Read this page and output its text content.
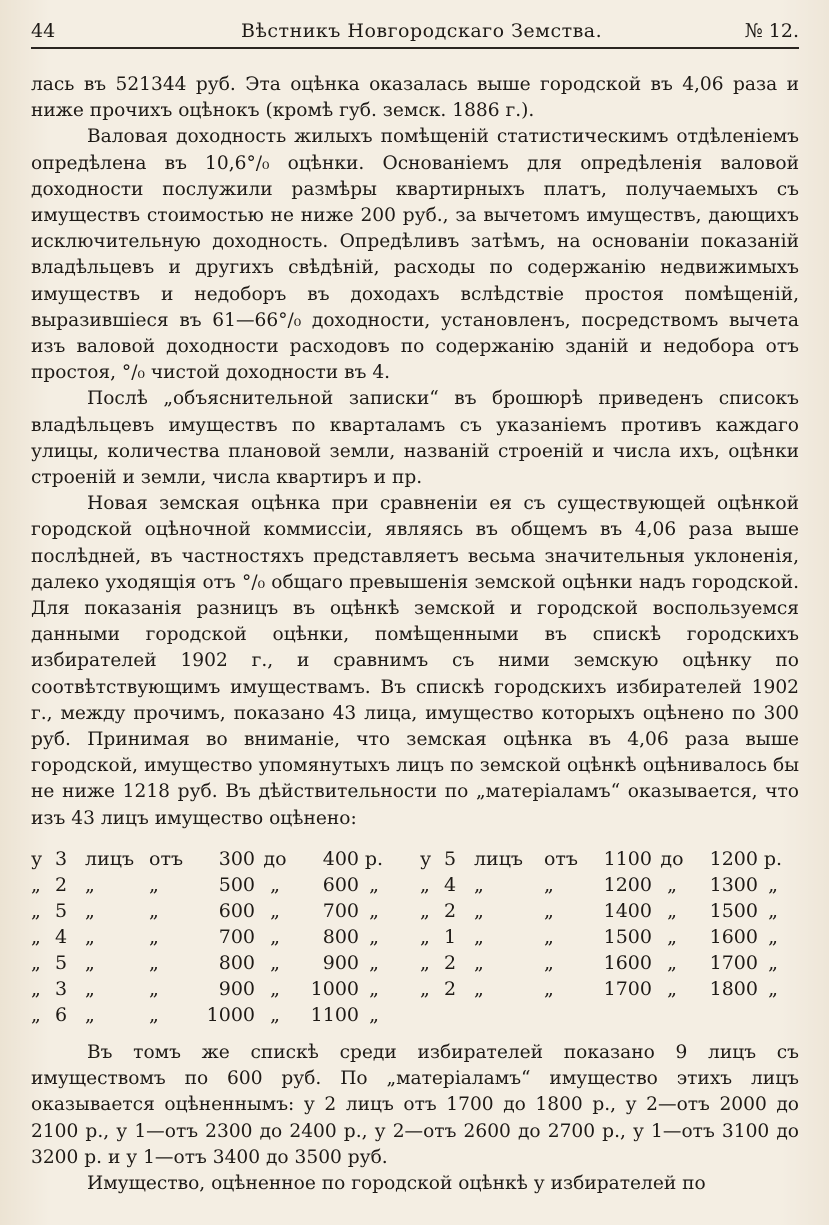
44	Вѣстникъ Новгородскаго Земства.	№ 12.

лась въ 521344 руб. Эта оцѣнка оказалась выше городской въ 4,06 раза и ниже прочихъ оцѣнокъ (кромѣ губ. земск. 1886 г.).

Валовая доходность жилыхъ помѣщеній статистическимъ отдѣленіемъ опредѣлена въ 10,6°/₀ оцѣнки. Основаніемъ для опредѣленія валовой доходности послужили размѣры квартирныхъ платъ, получаемыхъ съ имуществъ стоимостью не ниже 200 руб., за вычетомъ имуществъ, дающихъ исключительную доходность. Опредѣливъ затѣмъ, на основаніи показаній владѣльцевъ и другихъ свѣдѣній, расходы по содержанію недвижимыхъ имуществъ и недоборъ въ доходахъ вслѣдствіе простоя помѣщеній, выразившіеся въ 61—66°/₀ доходности, установленъ, посредствомъ вычета изъ валовой доходности расходовъ по содержанію зданій и недобора отъ простоя, °/₀ чистой доходности въ 4.

Послѣ „объяснительной записки“ въ брошюрѣ приведенъ списокъ владѣльцевъ имуществъ по кварталамъ съ указаніемъ противъ каждаго улицы, количества плановой земли, названій строеній и числа ихъ, оцѣнки строеній и земли, числа квартиръ и пр.

Новая земская оцѣнка при сравненіи ея съ существующей оцѣнкой городской оцѣночной коммиссіи, являясь въ общемъ въ 4,06 раза выше послѣдней, въ частностяхъ представляетъ весьма значительныя уклоненія, далеко уходящія отъ °/₀ общаго превышенія земской оцѣнки надъ городской. Для показанія разницъ въ оцѣнкѣ земской и городской воспользуемся данными городской оцѣнки, помѣщенными въ спискѣ городскихъ избирателей 1902 г., и сравнимъ съ ними земскую оцѣнку по соотвѣтствующимъ имуществамъ. Въ спискѣ городскихъ избирателей 1902 г., между прочимъ, показано 43 лица, имущество которыхъ оцѣнено по 300 руб. Принимая во вниманіе, что земская оцѣнка въ 4,06 раза выше городской, имущество упомянутыхъ лицъ по земской оцѣнкѣ оцѣнивалось бы не ниже 1218 руб. Въ дѣйствительности по „матеріаламъ“ оказывается, что изъ 43 лицъ имущество оцѣнено:

у 3 лицъ отъ	300 до	400 р.
„ 2 „	„	500 „	600 „
„ 5 „	„	600 „	700 „
„ 4 „	„	700 „	800 „
„ 5 „	„	800 „	900 „
„ 3 „	„	900 „	1000 „
„ 6 „	„	1000 „	1100 „
у 5 лицъ	отъ	1100 до	1200 р.
„ 4 „	„	1200 „	1300 „
„ 2 „	„	1400 „	1500 „
„ 1 „	„	1500 „	1600 „
„ 2 „	„	1600 „	1700 „
„ 2 „	„	1700 „	1800 „

Въ томъ же спискѣ среди избирателей показано 9 лицъ съ имуществомъ по 600 руб. По „матеріаламъ“ имущество этихъ лицъ оказывается оцѣненнымъ: у 2 лицъ отъ 1700 до 1800 р., у 2—отъ 2000 до 2100 р., у 1—отъ 2300 до 2400 р., у 2—отъ 2600 до 2700 р., у 1—отъ 3100 до 3200 р. и у 1—отъ 3400 до 3500 руб.

Имущество, оцѣненное по городской оцѣнкѣ у избирателей по
